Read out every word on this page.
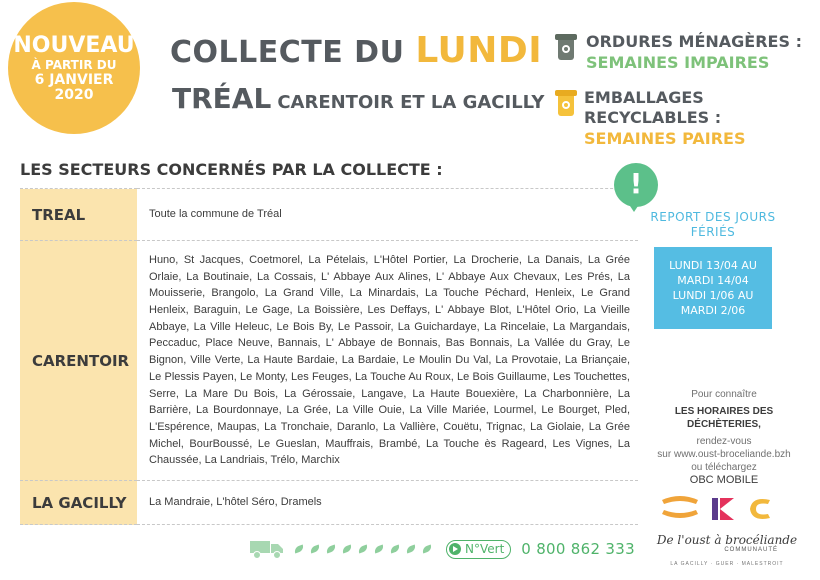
NOUVEAU
À PARTIR DU
6 JANVIER
2020
COLLECTE DU LUNDI
TRÉAL CARENTOIR ET LA GACILLY
ORDURES MÉNAGÈRES :
SEMAINES IMPAIRES
EMBALLAGES RECYCLABLES :
SEMAINES PAIRES
LES SECTEURS CONCERNÉS PAR LA COLLECTE :
TREAL	Toute la commune de Tréal
CARENTOIR	Huno, St Jacques, Coetmorel, La Pételais, L'Hôtel Portier, La Drocherie, La Danais, La Grée Orlaie, La Boutinaie, La Cossais, L' Abbaye Aux Alines, L' Abbaye Aux Chevaux, Les Prés, La Mouisserie, Brangolo, La Grand Ville, La Minardais, La Touche Péchard, Henleix, Le Grand Henleix, Baraguin, Le Gage, La Boissière, Les Deffays, L' Abbaye Blot, L'Hôtel Orio, La Vieille Abbaye, La Ville Heleuc, Le Bois By, Le Passoir, La Guichardaye, La Rincelaie, La Margandais, Peccaduc, Place Neuve, Bannais, L' Abbaye de Bonnais, Bas Bonnais, La Vallée du Gray, Le Bignon, Ville Verte, La Haute Bardaie, La Bardaie, Le Moulin Du Val, La Provotaie, La Briançaie, Le Plessis Payen, Le Monty, Les Feuges, La Touche Au Roux, Le Bois Guillaume, Les Touchettes, Serre, La Mare Du Bois, La Gérossaie, Langave, La Haute Bouexière, La Charbonnière, La Barrière, La Bourdonnaye, La Grée, La Ville Ouie, La Ville Mariée, Lourmel, Le Bourget, Pled, L'Espérence, Maupas, La Tronchaie, Daranlo, La Vallière, Couëtu, Trignac, La Giolaie, La Grée Michel, BourBoussé, Le Gueslan, Mauffrais, Brambé, La Touche ès Rageard, Les Vignes, La Chaussée, La Landriais, Trélo, Marchix
LA GACILLY	La Mandraie, L'hôtel Séro, Dramels
!
REPORT DES JOURS FÉRIÉS
LUNDI 13/04 AU
MARDI 14/04
LUNDI 1/06 AU
MARDI 2/06
Pour connaître
LES HORAIRES DES DÉCHÈTERIES,
rendez-vous
sur www.oust-broceliande.bzh
ou téléchargez
OBC MOBILE
De l'oust à brocéliande
COMMUNAUTÉ
LA GACILLY · GUER · MALESTROIT
N°Vert 0 800 862 333
